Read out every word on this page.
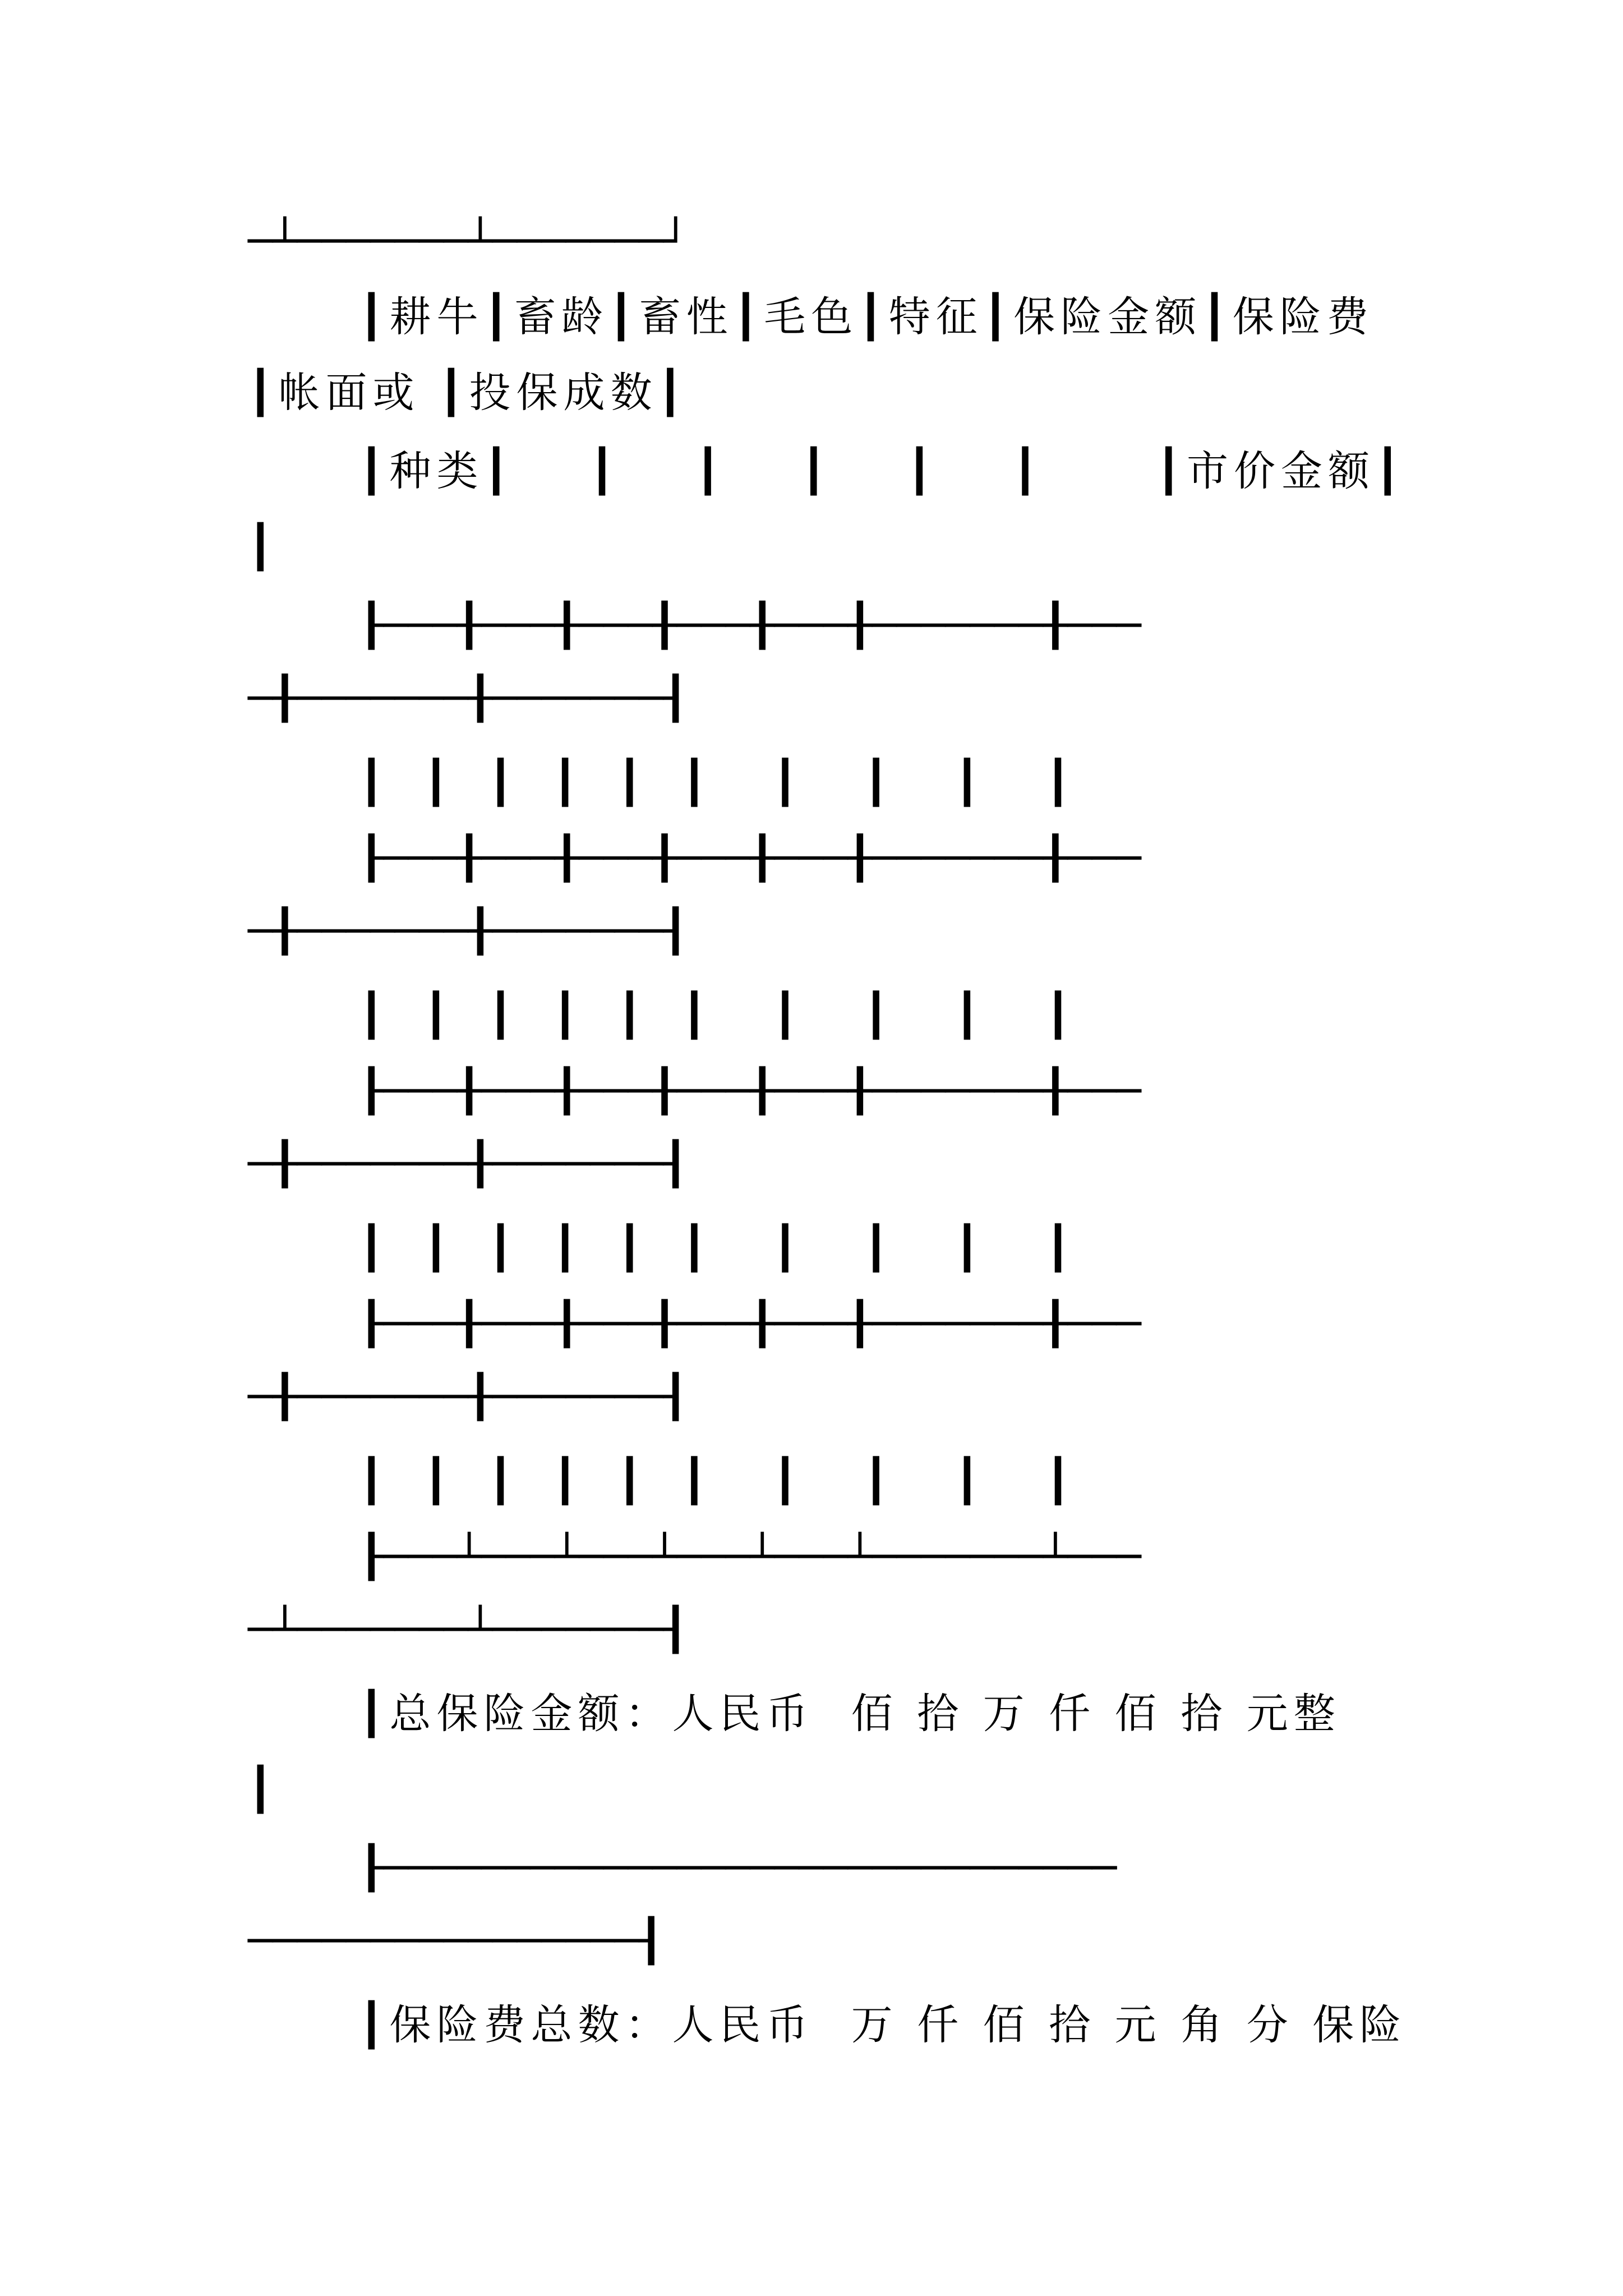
─┴───────┴───────┘
┃耕牛┃畜龄┃畜性┃毛色┃特征┃保险金额┃保险费
┃帐面或 ┃投保成数┃
┃种类┃    ┃    ┃    ┃    ┃    ┃      ┃市价金额┃
┃
┠───╂───╂───╂───╂───╂───────╂───
─╂───────╂───────┨
┃   ┃   ┃   ┃   ┃   ┃     ┃     ┃     ┃     ┃
┠───╂───╂───╂───╂───╂───────╂───
─╂───────╂───────┨
┃   ┃   ┃   ┃   ┃   ┃     ┃     ┃     ┃     ┃
┠───╂───╂───╂───╂───╂───────╂───
─╂───────╂───────┨
┃   ┃   ┃   ┃   ┃   ┃     ┃     ┃     ┃     ┃
┠───╂───╂───╂───╂───╂───────╂───
─╂───────╂───────┨
┃   ┃   ┃   ┃   ┃   ┃     ┃     ┃     ┃     ┃
┠───┴───┴───┴───┴───┴───────┴───
─┴───────┴───────┨
┃总保险金额：人民币  佰 拾 万 仟 佰 拾 元整
┃
┠──────────────────────────────
────────────────┨
┃保险费总数：人民币  万 仟 佰 拾 元 角 分 保险
